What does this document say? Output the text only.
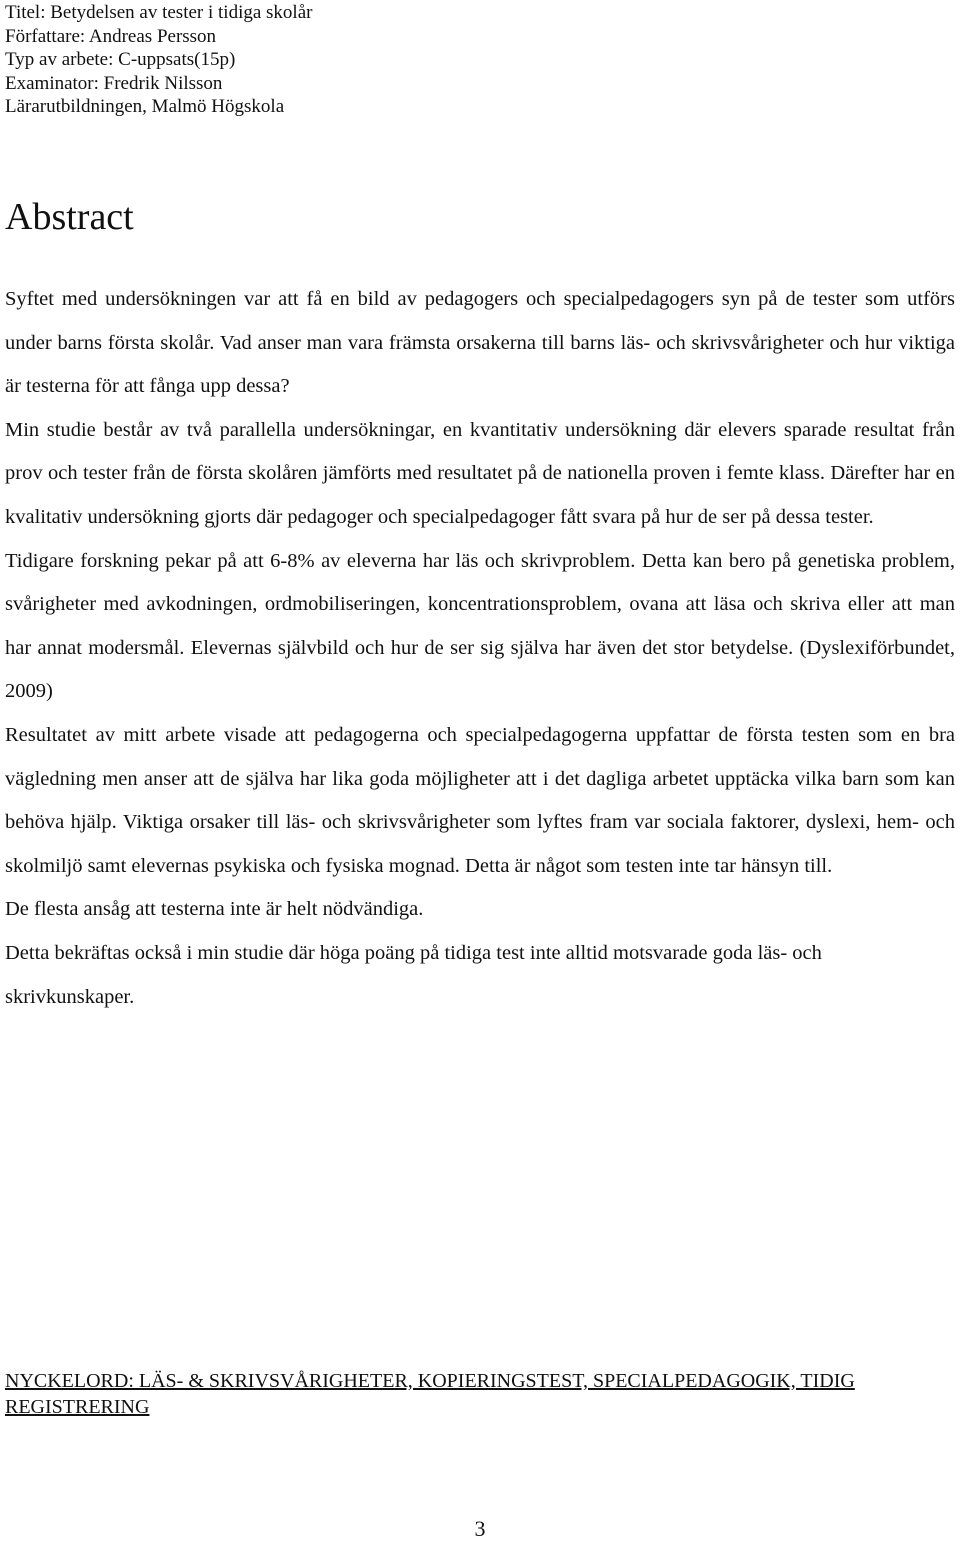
Titel: Betydelsen av tester i tidiga skolår
Författare: Andreas Persson
Typ av arbete: C-uppsats(15p)
Examinator: Fredrik Nilsson
Lärarutbildningen, Malmö Högskola
Abstract

Syftet med undersökningen var att få en bild av pedagogers och specialpedagogers syn på de tester som utförs under barns första skolår. Vad anser man vara främsta orsakerna till barns läs- och skrivsvårigheter och hur viktiga är testerna för att fånga upp dessa?

Min studie består av två parallella undersökningar, en kvantitativ undersökning där elevers sparade resultat från prov och tester från de första skolåren jämförts med resultatet på de nationella proven i femte klass. Därefter har en kvalitativ undersökning gjorts där pedagoger och specialpedagoger fått svara på hur de ser på dessa tester.

Tidigare forskning pekar på att 6-8% av eleverna har läs och skrivproblem. Detta kan bero på genetiska problem, svårigheter med avkodningen, ordmobiliseringen, koncentrationsproblem, ovana att läsa och skriva eller att man har annat modersmål. Elevernas självbild och hur de ser sig själva har även det stor betydelse. (Dyslexiförbundet, 2009)

Resultatet av mitt arbete visade att pedagogerna och specialpedagogerna uppfattar de första testen som en bra vägledning men anser att de själva har lika goda möjligheter att i det dagliga arbetet upptäcka vilka barn som kan behöva hjälp. Viktiga orsaker till läs- och skrivsvårigheter som lyftes fram var sociala faktorer, dyslexi, hem- och skolmiljö samt elevernas psykiska och fysiska mognad. Detta är något som testen inte tar hänsyn till.

De flesta ansåg att testerna inte är helt nödvändiga.

Detta bekräftas också i min studie där höga poäng på tidiga test inte alltid motsvarade goda läs- och skrivkunskaper.

NYCKELORD: LÄS- & SKRIVSVÅRIGHETER, KOPIERINGSTEST, SPECIALPEDAGOGIK, TIDIG REGISTRERING
3
